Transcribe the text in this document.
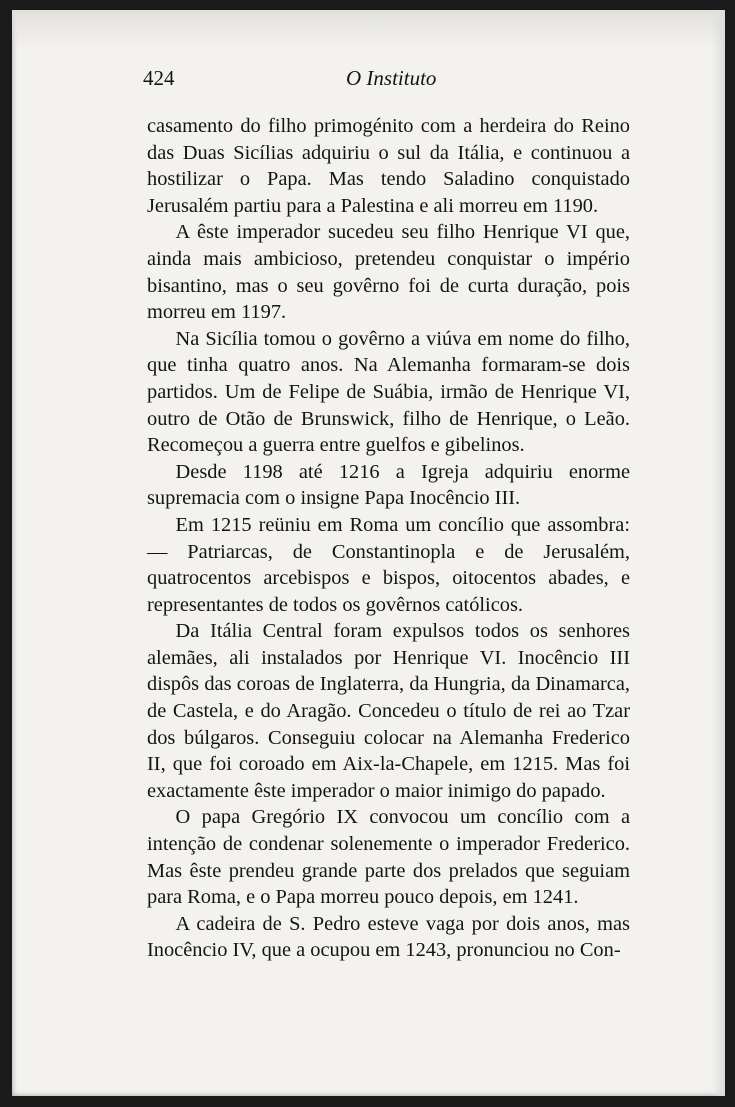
424	O Instituto

casamento do filho primogénito com a herdeira do Reino das Duas Sicílias adquiriu o sul da Itália, e continuou a hostilizar o Papa. Mas tendo Saladino conquistado Jerusalém partiu para a Palestina e ali morreu em 1190.

A êste imperador sucedeu seu filho Henrique VI que, ainda mais ambicioso, pretendeu conquistar o império bisantino, mas o seu govêrno foi de curta duração, pois morreu em 1197.

Na Sicília tomou o govêrno a viúva em nome do filho, que tinha quatro anos. Na Alemanha formaram-se dois partidos. Um de Felipe de Suábia, irmão de Henrique VI, outro de Otão de Brunswick, filho de Henrique, o Leão. Recomeçou a guerra entre guelfos e gibelinos.

Desde 1198 até 1216 a Igreja adquiriu enorme supremacia com o insigne Papa Inocêncio III.

Em 1215 reüniu em Roma um concílio que assombra: — Patriarcas, de Constantinopla e de Jerusalém, quatrocentos arcebispos e bispos, oitocentos abades, e representantes de todos os govêrnos católicos.

Da Itália Central foram expulsos todos os senhores alemães, ali instalados por Henrique VI. Inocêncio III dispôs das coroas de Inglaterra, da Hungria, da Dinamarca, de Castela, e do Aragão. Concedeu o título de rei ao Tzar dos búlgaros. Conseguiu colocar na Alemanha Frederico II, que foi coroado em Aix-la-Chapele, em 1215. Mas foi exactamente êste imperador o maior inimigo do papado.

O papa Gregório IX convocou um concílio com a intenção de condenar solenemente o imperador Frederico. Mas êste prendeu grande parte dos prelados que seguiam para Roma, e o Papa morreu pouco depois, em 1241.

A cadeira de S. Pedro esteve vaga por dois anos, mas Inocêncio IV, que a ocupou em 1243, pronunciou no Con-
